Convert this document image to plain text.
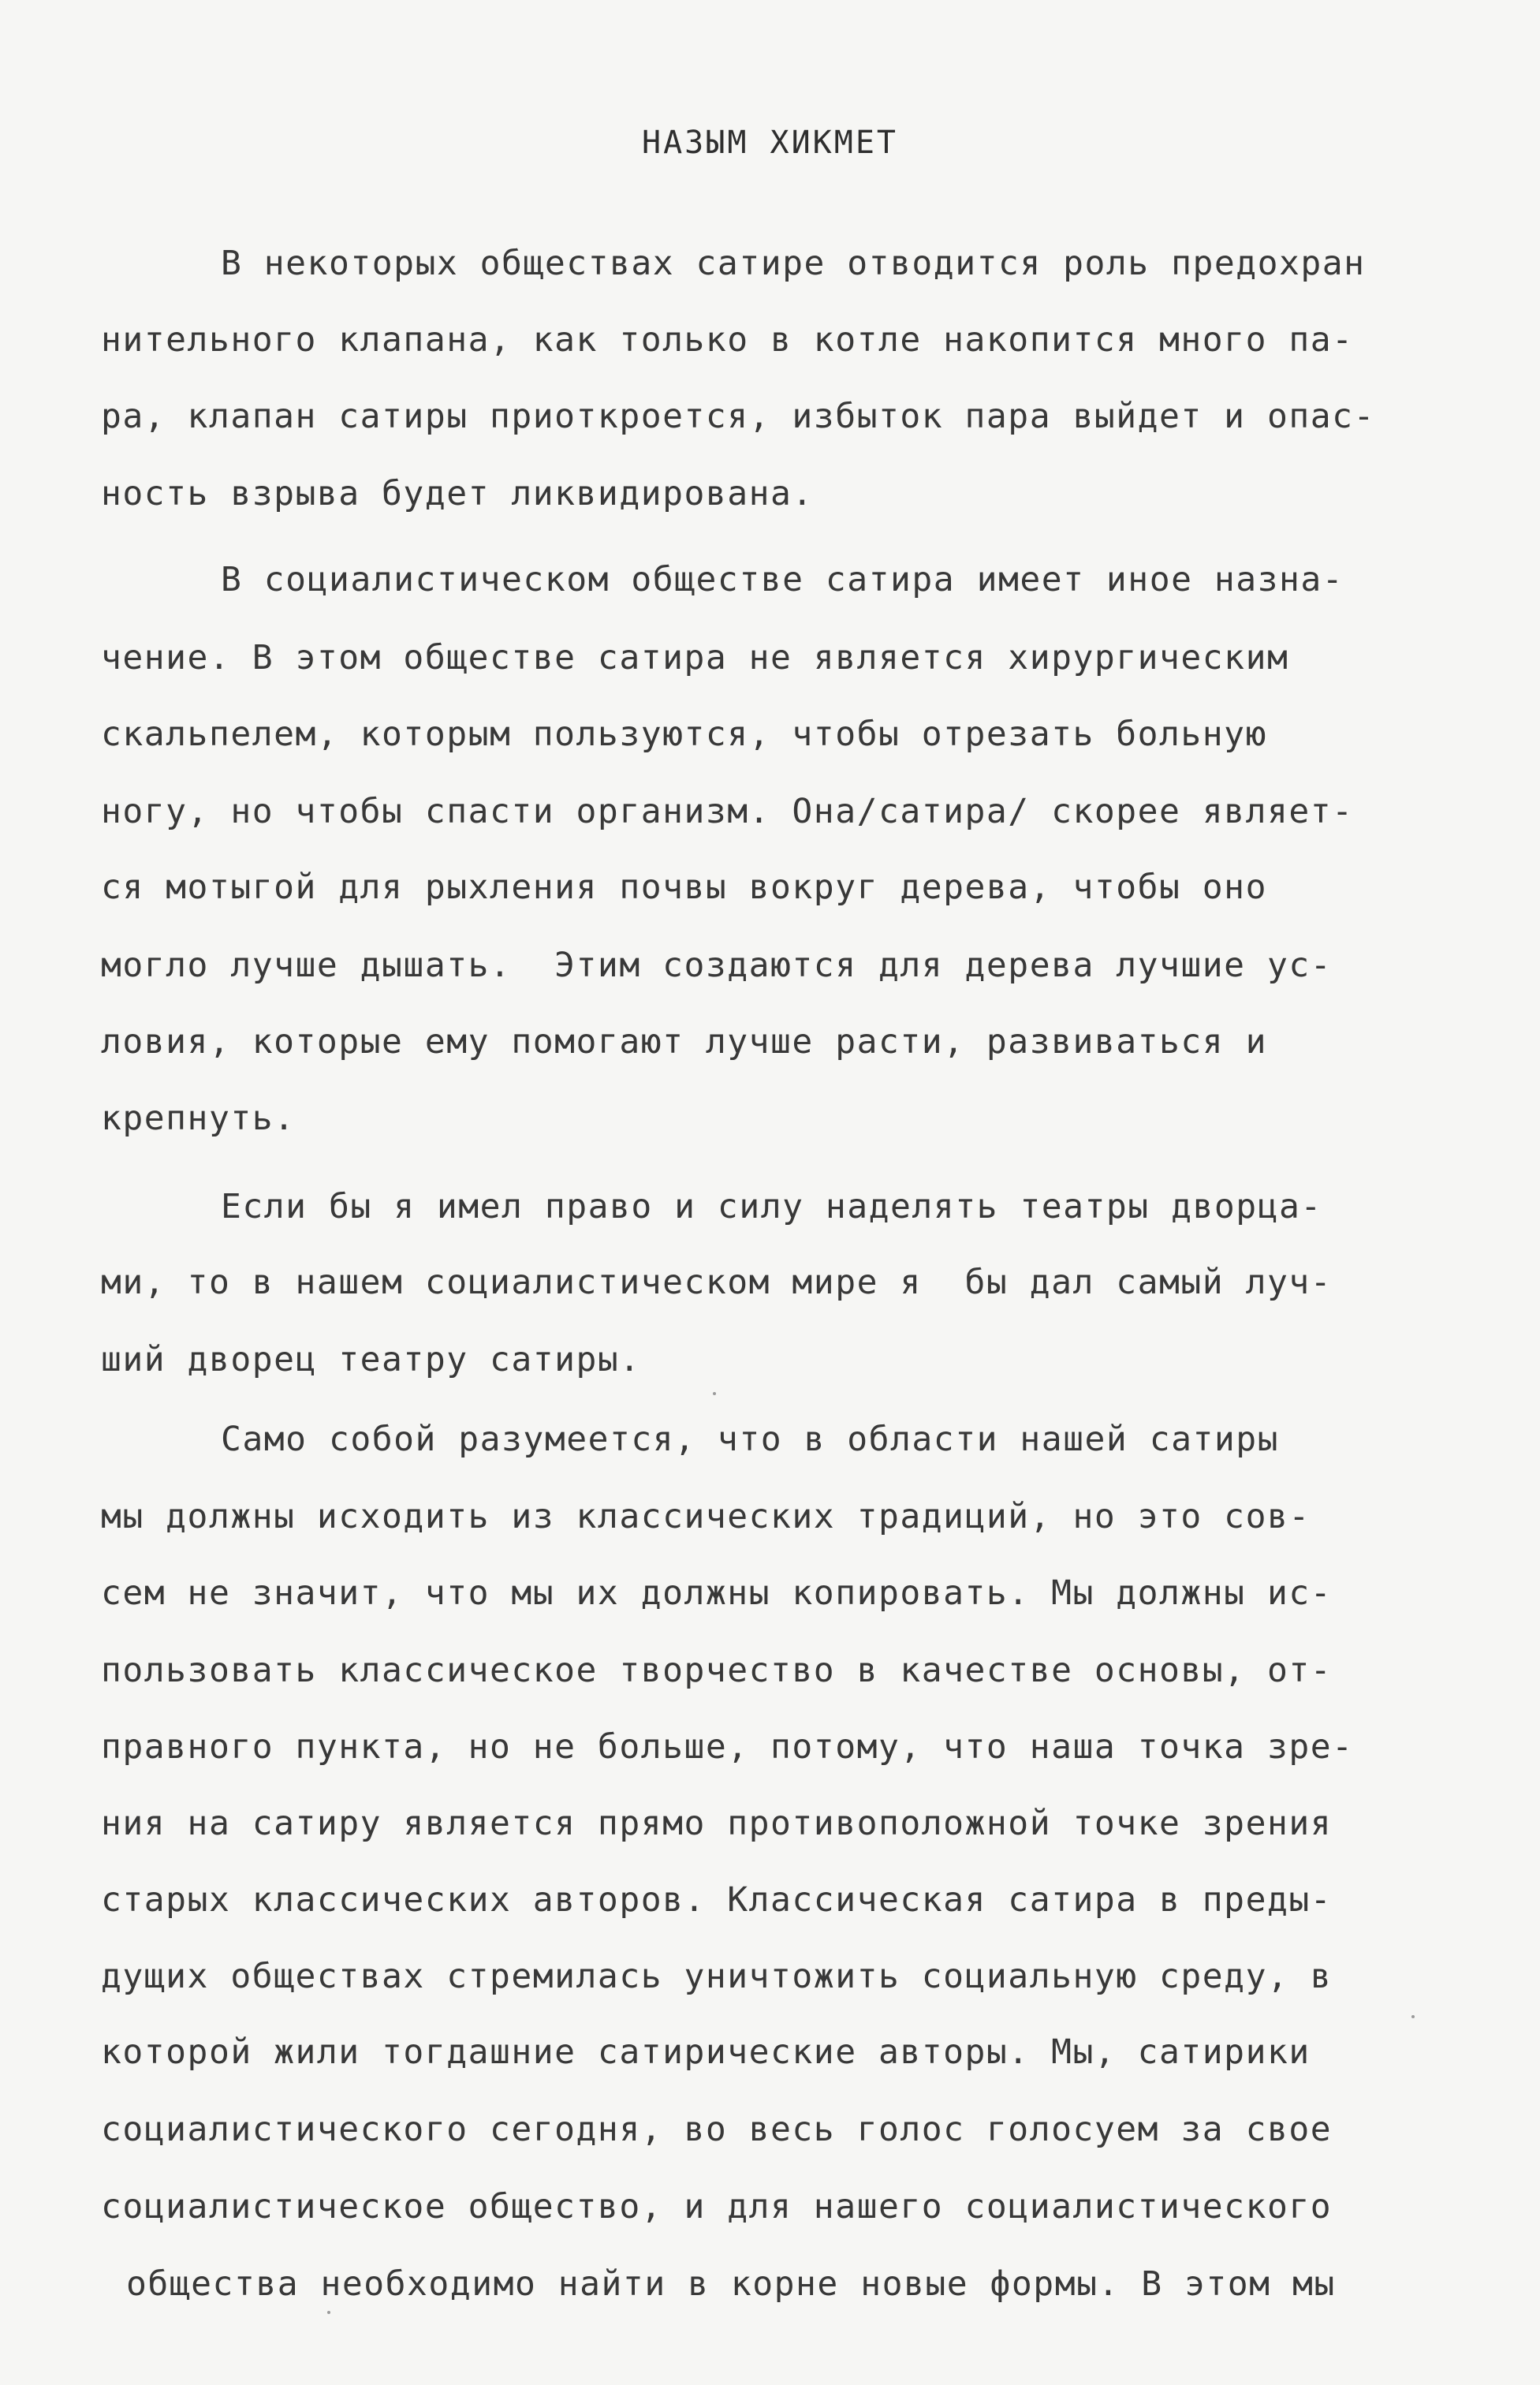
НАЗЫМ ХИКМЕТ

В некоторых обществах сатире отводится роль предохран

нительного клапана, как только в котле накопится много па-

ра, клапан сатиры приоткроется, избыток пара выйдет и опас-

ность взрыва будет ликвидирована.

В социалистическом обществе сатира имеет иное назна-

чение. В этом обществе сатира не является хирургическим

скальпелем, которым пользуются, чтобы отрезать больную

ногу, но чтобы спасти организм. Она/сатира/ скорее являет-

ся мотыгой для рыхления почвы вокруг дерева, чтобы оно

могло лучше дышать.  Этим создаются для дерева лучшие ус-

ловия, которые ему помогают лучше расти, развиваться и

крепнуть.

Если бы я имел право и силу наделять театры дворца-

ми, то в нашем социалистическом мире я  бы дал самый луч-

ший дворец театру сатиры.

Само собой разумеется, что в области нашей сатиры

мы должны исходить из классических традиций, но это сов-

сем не значит, что мы их должны копировать. Мы должны ис-

пользовать классическое творчество в качестве основы, от-

правного пункта, но не больше, потому, что наша точка зре-

ния на сатиру является прямо противоположной точке зрения

старых классических авторов. Классическая сатира в преды-

дущих обществах стремилась уничтожить социальную среду, в

которой жили тогдашние сатирические авторы. Мы, сатирики

социалистического сегодня, во весь голос голосуем за свое

социалистическое общество, и для нашего социалистического

общества необходимо найти в корне новые формы. В этом мы
